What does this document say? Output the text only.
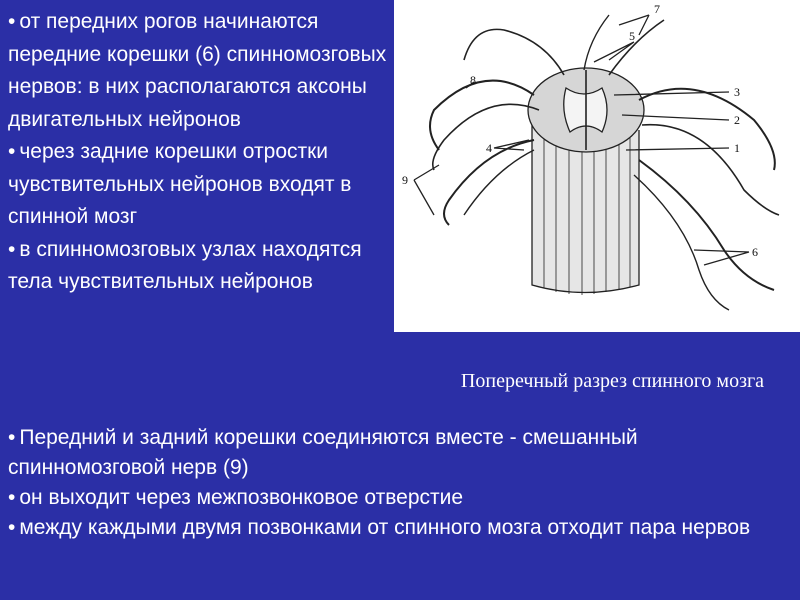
• от передних рогов начинаются передние корешки (6) спинномозговых нервов: в них располагаются аксоны двигательных нейронов
• через задние корешки отростки чувствительных нейронов входят в спинной мозг
• в спинномозговых узлах находятся тела чувствительных нейронов
3
2
1
4
5
6
7
8
9
Поперечный разрез спинного мозга
• Передний и задний корешки соединяются вместе - смешанный спинномозговой нерв (9)
• он выходит через межпозвонковое отверстие
• между каждыми двумя позвонками от спинного мозга отходит пара нервов
